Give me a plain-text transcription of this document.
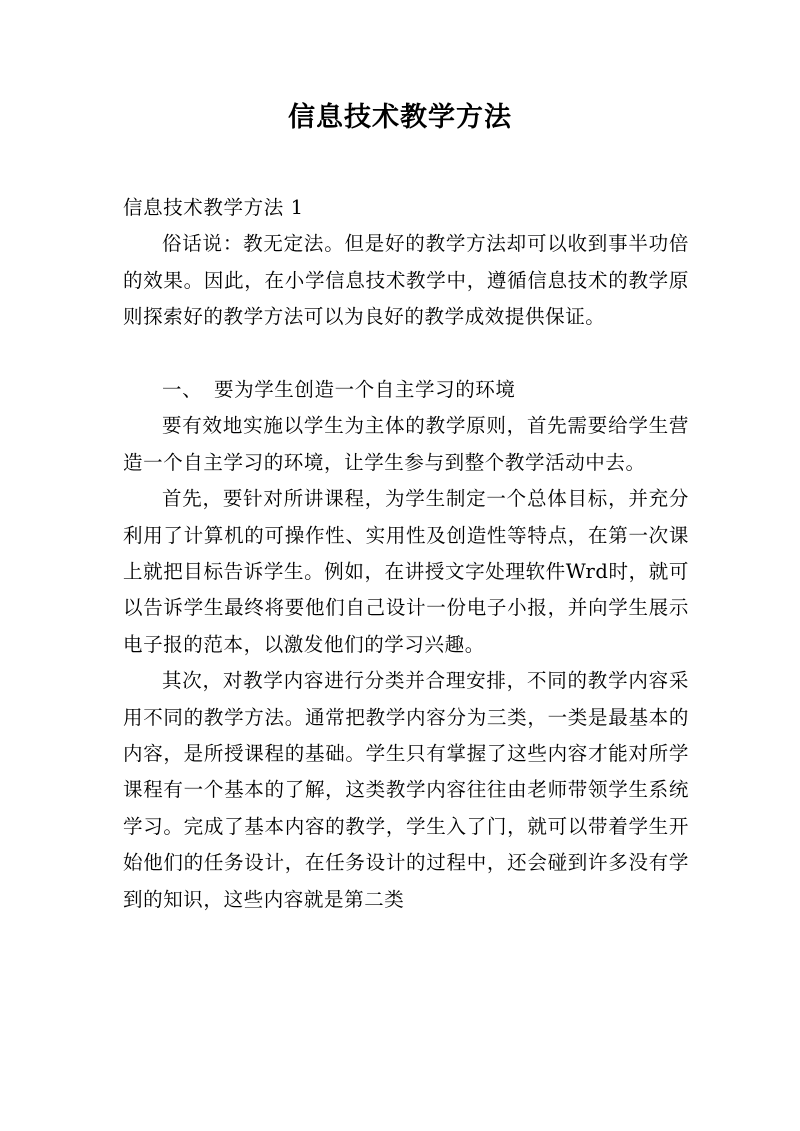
信息技术教学方法

信息技术教学方法 1

俗话说：教无定法。但是好的教学方法却可以收到事半功倍的效果。因此，在小学信息技术教学中，遵循信息技术的教学原则探索好的教学方法可以为良好的教学成效提供保证。

一、 要为学生创造一个自主学习的环境

要有效地实施以学生为主体的教学原则，首先需要给学生营造一个自主学习的环境，让学生参与到整个教学活动中去。

首先，要针对所讲课程，为学生制定一个总体目标，并充分利用了计算机的可操作性、实用性及创造性等特点，在第一次课上就把目标告诉学生。例如，在讲授文字处理软件Wrd时，就可以告诉学生最终将要他们自己设计一份电子小报，并向学生展示电子报的范本，以激发他们的学习兴趣。

其次，对教学内容进行分类并合理安排，不同的教学内容采用不同的教学方法。通常把教学内容分为三类，一类是最基本的内容，是所授课程的基础。学生只有掌握了这些内容才能对所学课程有一个基本的了解，这类教学内容往往由老师带领学生系统学习。完成了基本内容的教学，学生入了门，就可以带着学生开始他们的任务设计，在任务设计的过程中，还会碰到许多没有学到的知识，这些内容就是第二类
